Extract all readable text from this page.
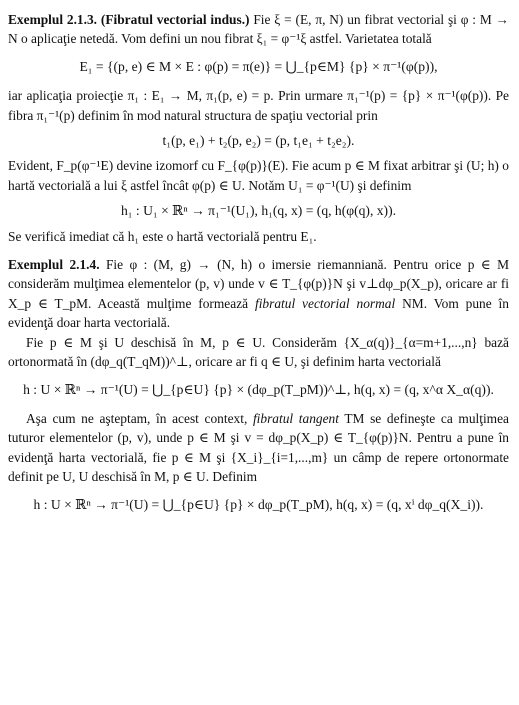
Exemplul 2.1.3. (Fibratul vectorial indus.) Fie ξ = (E, π, N) un fibrat vectorial şi φ : M → N o aplicaţie netedă. Vom defini un nou fibrat ξ₁ = φ⁻¹ξ astfel. Varietatea totală

E₁ = {(p, e) ∈ M × E : φ(p) = π(e)} = ⋃_{p∈M} {p} × π⁻¹(φ(p)),

iar aplicaţia proiecţie π₁ : E₁ → M, π₁(p, e) = p. Prin urmare π₁⁻¹(p) = {p} × π⁻¹(φ(p)). Pe fibra π₁⁻¹(p) definim în mod natural structura de spaţiu vectorial prin

t₁(p, e₁) + t₂(p, e₂) = (p, t₁e₁ + t₂e₂).

Evident, F_p(φ⁻¹E) devine izomorf cu F_{φ(p)}(E). Fie acum p ∈ M fixat arbitrar şi (U; h) o hartă vectorială a lui ξ astfel încât φ(p) ∈ U. Notăm U₁ = φ⁻¹(U) şi definim

h₁ : U₁ × ℝⁿ → π₁⁻¹(U₁), h₁(q, x) = (q, h(φ(q), x)).

Se verifică imediat că h₁ este o hartă vectorială pentru E₁.

Exemplul 2.1.4. Fie φ : (M, g) → (N, h) o imersie riemanniană. Pentru orice p ∈ M considerăm mulţimea elementelor (p, v) unde v ∈ T_{φ(p)}N şi v⊥dφ_p(X_p), oricare ar fi X_p ∈ T_pM. Această mulţime formează fibratul vectorial normal NM. Vom pune în evidenţă doar harta vectorială.

Fie p ∈ M şi U deschisă în M, p ∈ U. Considerăm {X_α(q)}_{α=m+1,...,n} bază ortonormată în (dφ_q(T_qM))^⊥, oricare ar fi q ∈ U, şi definim harta vectorială

h : U × ℝⁿ → π⁻¹(U) = ⋃_{p∈U} {p} × (dφ_p(T_pM))^⊥, h(q, x) = (q, x^α X_α(q)).

Aşa cum ne aşteptam, în acest context, fibratul tangent TM se defineşte ca mulţimea tuturor elementelor (p, v), unde p ∈ M şi v = dφ_p(X_p) ∈ T_{φ(p)}N. Pentru a pune în evidenţă harta vectorială, fie p ∈ M şi {X_i}_{i=1,...,m} un câmp de repere ortonormate definit pe U, U deschisă în M, p ∈ U. Definim

h : U × ℝⁿ → π⁻¹(U) = ⋃_{p∈U} {p} × dφ_p(T_pM), h(q, x) = (q, xⁱ dφ_q(X_i)).
